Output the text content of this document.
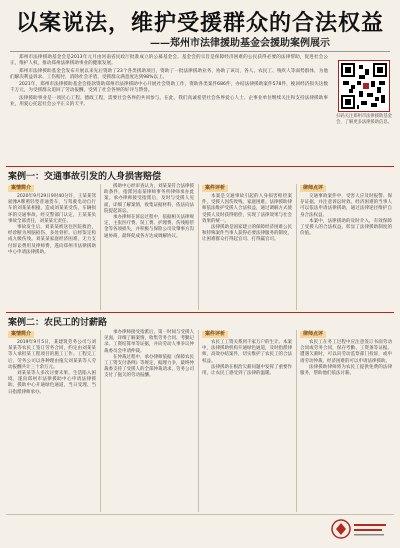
以案说法，维护受援群众的合法权益
——郑州市法律援助基金会援助案例展示

郑州市法律援助基金会是2013年元月由河南省民政厅批准成立的公募基金会。基金会的宗旨是保障经济困难的公民获得必要的法律帮助，促进社会公正，维护人权，推动郑州法律援助事业的健康发展。

郑州市法律援助基金会发布开展以来先后资助了23个各类援助项目，资助了一批法律援助业务，协助了该员，各人、农民工、残疾人等弱势群体，为他们解决利益诉求、工伤赔付，消除社会矛盾，受援群众满意度达到98%以上。

2021年，郑州市法律援助基金会拨款资助郑州市法律援助中心开展社会资助工作，资助各类案件686件，办结法律援助案件578件，挽回经济损失达数千万元，为受援群众追回了劳动报酬，受到了社会各界的好评与赞誉。

法律援助事业是一项民心工程、德政工程，需要社会各界的共同参与。在此，我们真诚希望社会各界爱心人士、企事业单位继续关注和支持法律援助事业，用爱心托起社会公平正义的天平。

扫码关注郑州市法律援助基金会，了解更多法律援助信息。
案例一：交通事故引发的人身损害赔偿
案情简介

2020年9月29日9时40分许，王某某驾驶豫A牌照轻型普通货车，与驾驶电动自行车的刘某某相撞，造成刘某某受伤、车辆损坏的交通事故。经交警部门认定，王某某负事故全部责任，刘某某无责任。

事故发生后，刘某某被送往医院救治，经诊断为颅脑损伤、多处骨折。后经鉴定构成九级伤残。刘某某家庭经济困难，无力支付诉讼费用及律师费，遂向郑州市法律援助中心申请法律援助。

援助中心经审查认为，刘某某符合法律援助条件，指派河南某律师事务所律师承办此案。承办律师接受指派后，及时与受援人见面，详细了解案情，收集证据材料，依法向法院提起诉讼。

承办律师在诉讼过程中，依据相关法律规定，主张医疗费、误工费、护理费、伤残赔偿金等各项损失，并积极与保险公司及肇事方沟通协商，最终促成各方达成调解协议。

案件评析

本案是交通事故引起的人身损害赔偿案件，受援人因伤致残、家庭困难。法律援助律师依法维护受援人合法权益，通过调解方式使受援人及时获得赔偿，实现了法律效果与社会效果的统一。

法律援助是国家建立的保障经济困难公民和特殊案件当事人获得必要法律服务的制度，让困难群众打得起官司、打得赢官司。

律师点评

交通事故案件中，受害人应及时报警、保存证据，并注意诉讼时效。经济困难的当事人可以依法申请法律援助，通过法律途径维护自身合法权益。

本案中，法律援助的及时介入，有效保障了受援人的合法权益，彰显了法律援助制度的价值。

案例二：农民工的讨薪路
案情简介

2019年9月5日，某建筑劳务公司与刘某某等农民工签订劳务合同，约定由刘某某等人承担某工程项目的施工工作。工程完工后，劳务公司以各种理由拖欠刘某某等人劳动报酬共计三十余万元。

刘某某等人多次讨要未果，生活陷入困境，遂向郑州市法律援助中心申请法律援助。援助中心开通绿色通道，当日受理、当日指派律师承办。

承办律师接受指派后，第一时间与受援人见面，详细了解案情，收集劳务合同、考勤记录、工资结算单等证据，并向劳动人事争议仲裁委员会申请仲裁。

在仲裁过程中，承办律师依据《保障农民工工资支付条例》等规定，据理力争，最终仲裁委支持了受援人的全部仲裁请求，劳务公司支付了拖欠的劳动报酬。

案件评析

农民工工资关系到千家万户的生计。本案中，法律援助机构开通绿色通道，及时指派律师，高效办结案件，切实维护了农民工的合法权益。

法律援助在根治欠薪问题中发挥了重要作用，让农民工感受到了法律的温暖。

律师点评

农民工在务工过程中应注意签订书面劳动合同或劳务合同，保存考勤、工资条等证据。遭遇欠薪时，可以向劳动监察部门投诉，或申请劳动仲裁，经济困难的可以申请法律援助。

法律援助律师将为农民工提供免费的法律服务，帮助他们依法讨薪。
